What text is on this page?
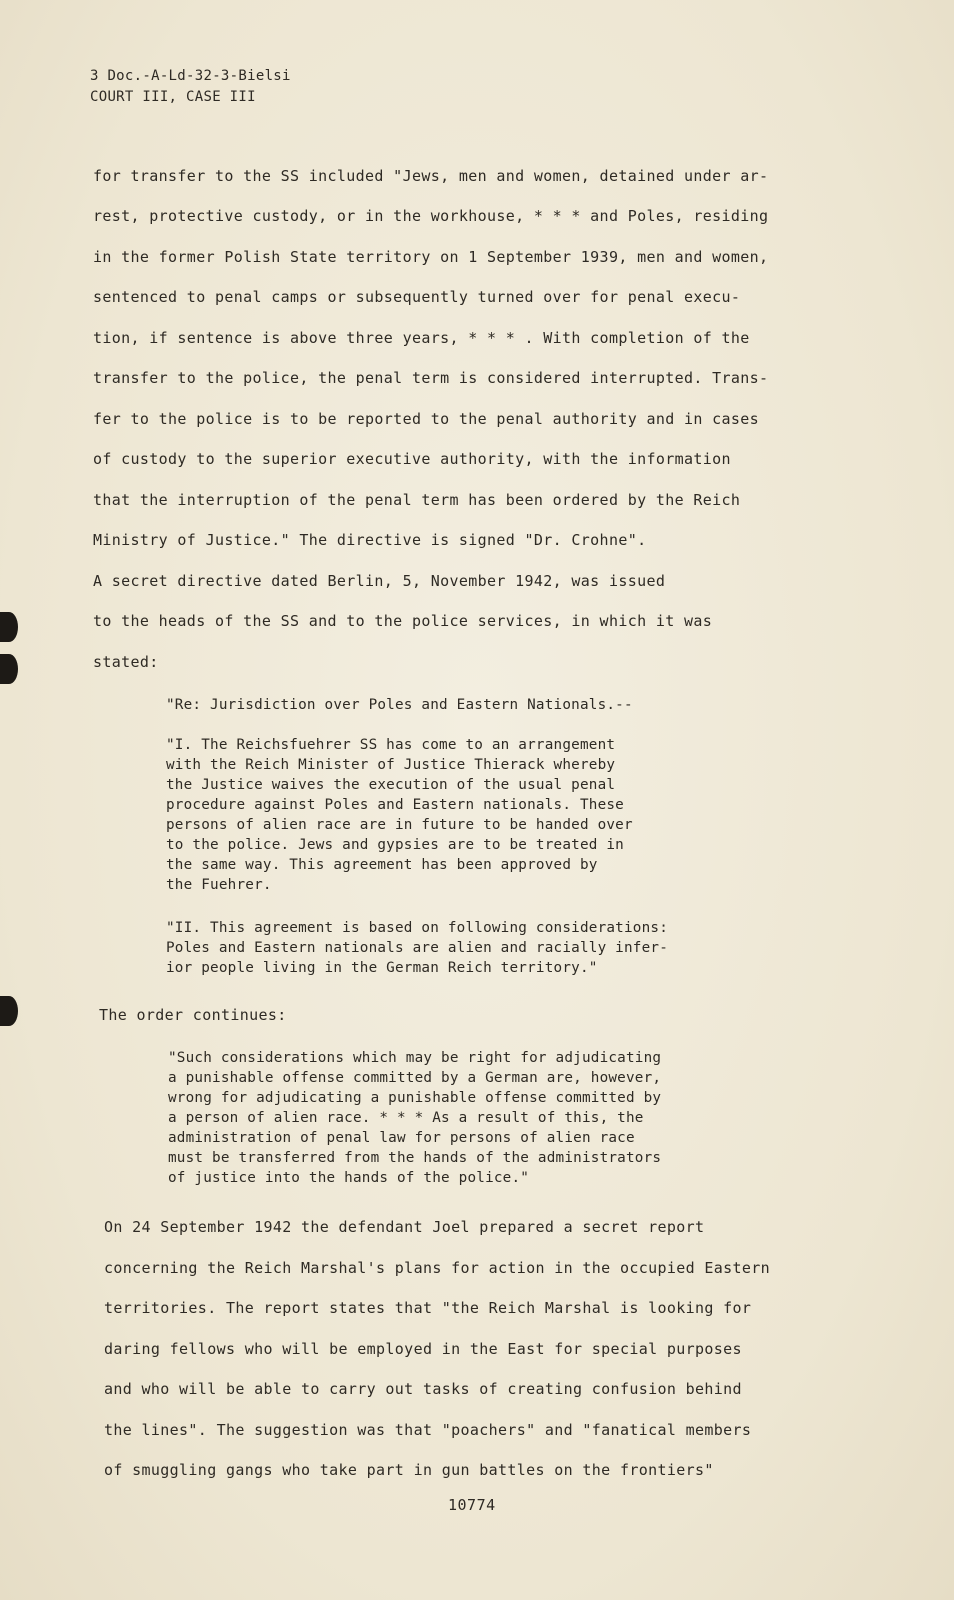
3 Doc.-A-Ld-32-3-Bielsi
COURT III, CASE III
for transfer to the SS included "Jews, men and women, detained under ar-
rest, protective custody, or in the workhouse, * * * and Poles, residing
in the former Polish State territory on 1 September 1939, men and women,
sentenced to penal camps or subsequently turned over for penal execu-
tion, if sentence is above three years, * * * . With completion of the
transfer to the police, the penal term is considered interrupted. Trans-
fer to the police is to be reported to the penal authority and in cases
of custody to the superior executive authority, with the information
that the interruption of the penal term has been ordered by the Reich
Ministry of Justice." The directive is signed "Dr. Crohne".
A secret directive dated Berlin, 5, November 1942, was issued
to the heads of the SS and to the police services, in which it was
stated:
"Re: Jurisdiction over Poles and Eastern Nationals.--
"I. The Reichsfuehrer SS has come to an arrangement
with the Reich Minister of Justice Thierack whereby
the Justice waives the execution of the usual penal
procedure against Poles and Eastern nationals. These
persons of alien race are in future to be handed over
to the police. Jews and gypsies are to be treated in
the same way. This agreement has been approved by
the Fuehrer.
"II. This agreement is based on following considerations:
Poles and Eastern nationals are alien and racially infer-
ior people living in the German Reich territory."
The order continues:
"Such considerations which may be right for adjudicating
a punishable offense committed by a German are, however,
wrong for adjudicating a punishable offense committed by
a person of alien race. * * * As a result of this, the
administration of penal law for persons of alien race
must be transferred from the hands of the administrators
of justice into the hands of the police."
On 24 September 1942 the defendant Joel prepared a secret report
concerning the Reich Marshal's plans for action in the occupied Eastern
territories. The report states that "the Reich Marshal is looking for
daring fellows who will be employed in the East for special purposes
and who will be able to carry out tasks of creating confusion behind
the lines". The suggestion was that "poachers" and "fanatical members
of smuggling gangs who take part in gun battles on the frontiers"
10774
